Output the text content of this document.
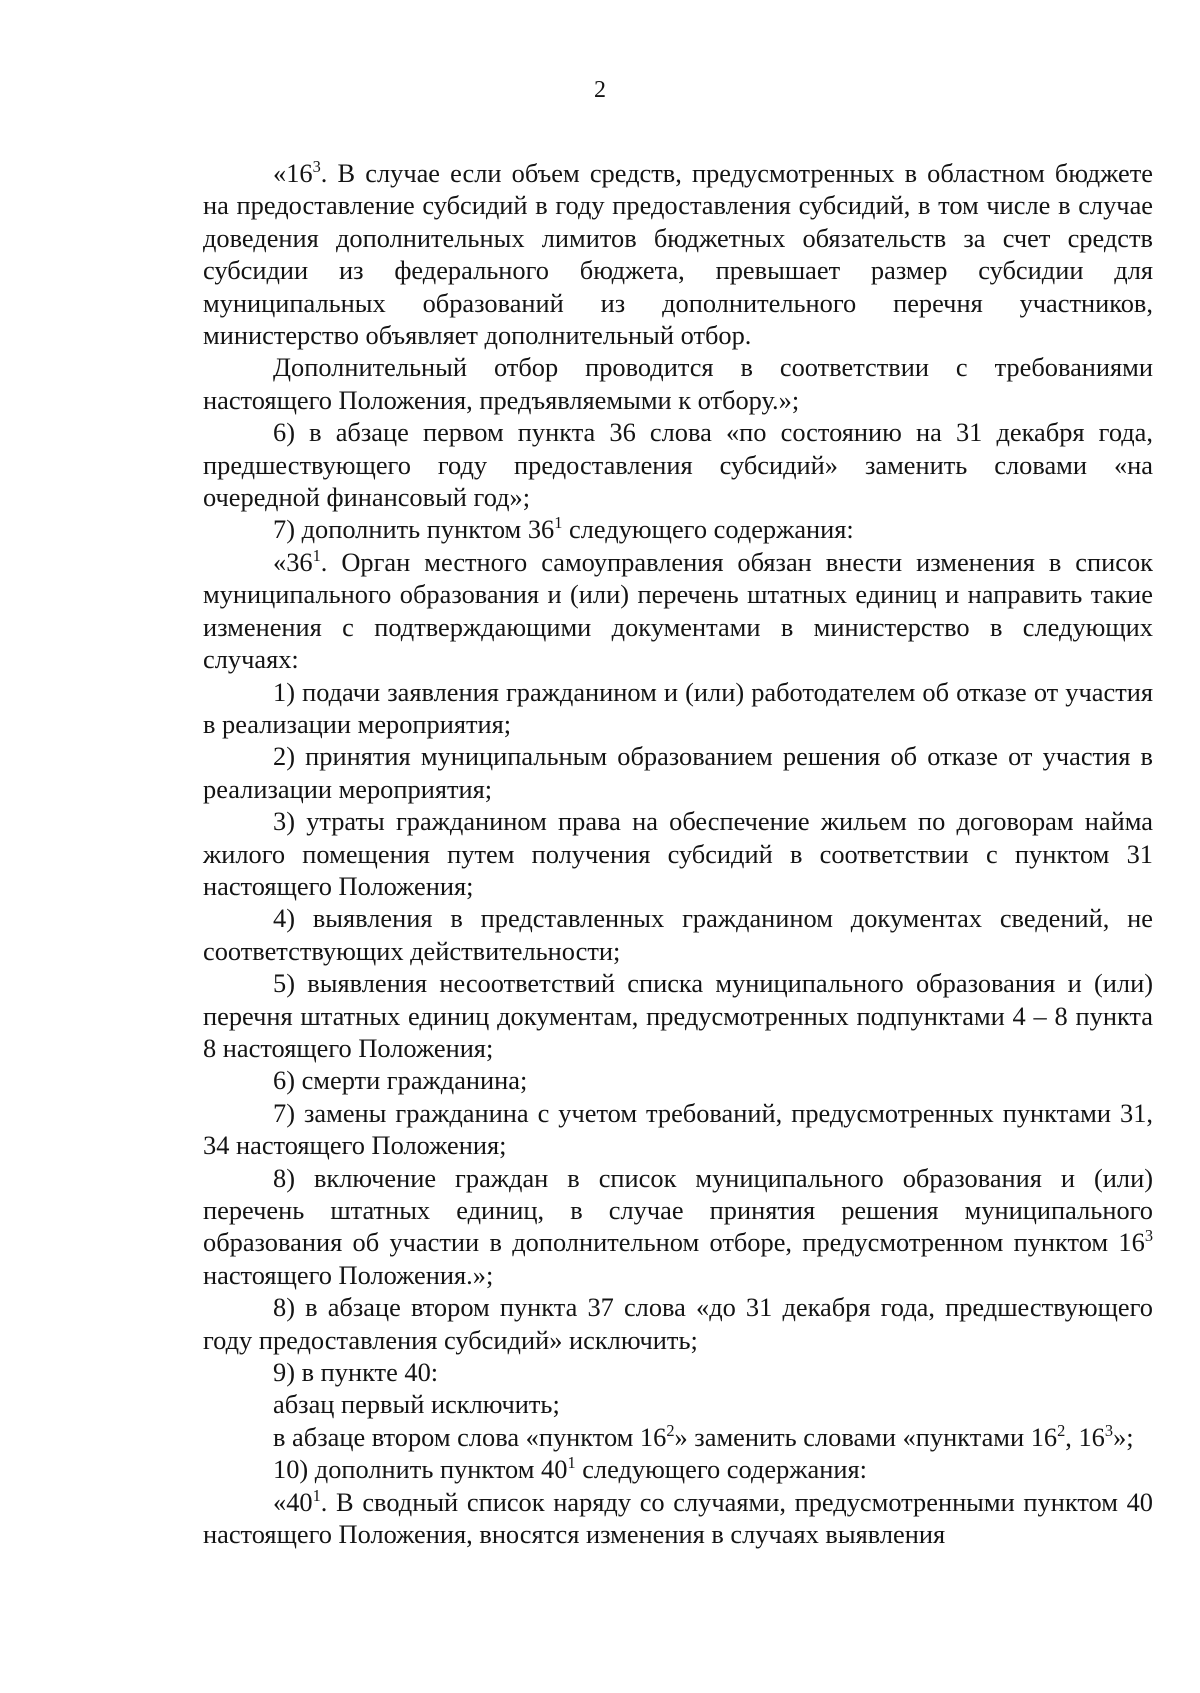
2

«$16^3$. В случае если объем средств, предусмотренных в областном бюджете на предоставление субсидий в году предоставления субсидий, в том числе в случае доведения дополнительных лимитов бюджетных обязательств за счет средств субсидии из федерального бюджета, превышает размер субсидии для муниципальных образований из дополнительного перечня участников, министерство объявляет дополнительный отбор.

Дополнительный отбор проводится в соответствии с требованиями настоящего Положения, предъявляемыми к отбору.»;

6) в абзаце первом пункта 36 слова «по состоянию на 31 декабря года, предшествующего году предоставления субсидий» заменить словами «на очередной финансовый год»;

7) дополнить пунктом $36^1$ следующего содержания:

«$36^1$. Орган местного самоуправления обязан внести изменения в список муниципального образования и (или) перечень штатных единиц и направить такие изменения с подтверждающими документами в министерство в следующих случаях:

1) подачи заявления гражданином и (или) работодателем об отказе от участия в реализации мероприятия;

2) принятия муниципальным образованием решения об отказе от участия в реализации мероприятия;

3) утраты гражданином права на обеспечение жильем по договорам найма жилого помещения путем получения субсидий в соответствии с пунктом 31 настоящего Положения;

4) выявления в представленных гражданином документах сведений, не соответствующих действительности;

5) выявления несоответствий списка муниципального образования и (или) перечня штатных единиц документам, предусмотренных подпунктами 4 – 8 пункта 8 настоящего Положения;

6) смерти гражданина;

7) замены гражданина с учетом требований, предусмотренных пунктами 31, 34 настоящего Положения;

8) включение граждан в список муниципального образования и (или) перечень штатных единиц, в случае принятия решения муниципального образования об участии в дополнительном отборе, предусмотренном пунктом $16^3$ настоящего Положения.»;

8) в абзаце втором пункта 37 слова «до 31 декабря года, предшествующего году предоставления субсидий» исключить;

9) в пункте 40:

абзац первый исключить;

в абзаце втором слова «пунктом $16^2$» заменить словами «пунктами $16^2$, $16^3$»;

10) дополнить пунктом $40^1$ следующего содержания:

«$40^1$. В сводный список наряду со случаями, предусмотренными пунктом 40 настоящего Положения, вносятся изменения в случаях выявления
